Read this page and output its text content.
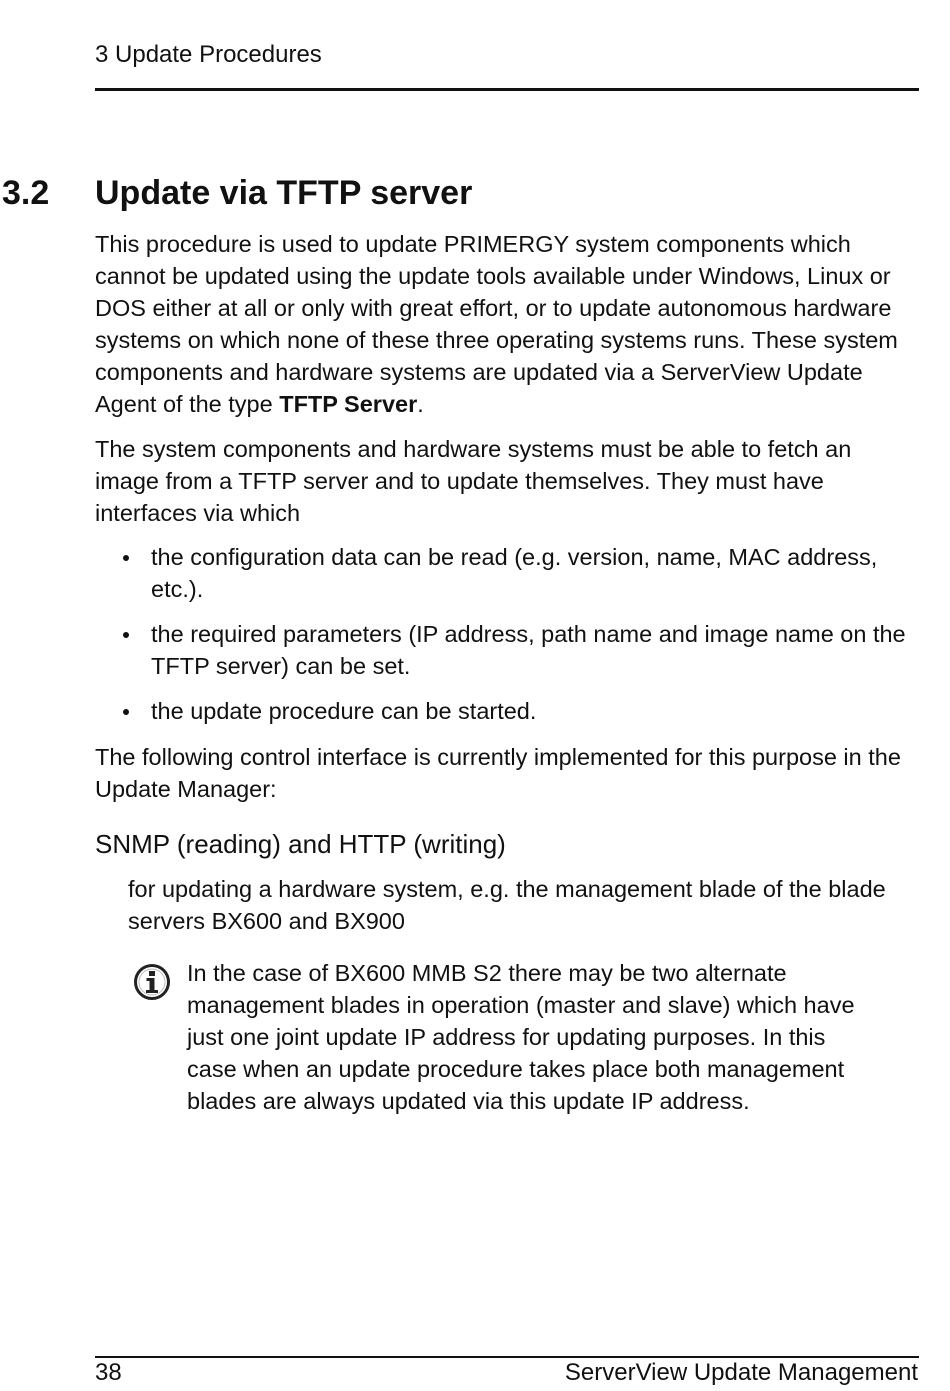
3 Update Procedures
3.2 Update via TFTP server

This procedure is used to update PRIMERGY system components which cannot be updated using the update tools available under Windows, Linux or DOS either at all or only with great effort, or to update autonomous hardware systems on which none of these three operating systems runs. These system components and hardware systems are updated via a ServerView Update Agent of the type TFTP Server.

The system components and hardware systems must be able to fetch an image from a TFTP server and to update themselves. They must have interfaces via which

the configuration data can be read (e.g. version, name, MAC address, etc.).
the required parameters (IP address, path name and image name on the TFTP server) can be set.
the update procedure can be started.

The following control interface is currently implemented for this purpose in the Update Manager:

SNMP (reading) and HTTP (writing)

for updating a hardware system, e.g. the management blade of the blade servers BX600 and BX900

In the case of BX600 MMB S2 there may be two alternate management blades in operation (master and slave) which have just one joint update IP address for updating purposes. In this case when an update procedure takes place both management blades are always updated via this update IP address.

38	ServerView Update Management
